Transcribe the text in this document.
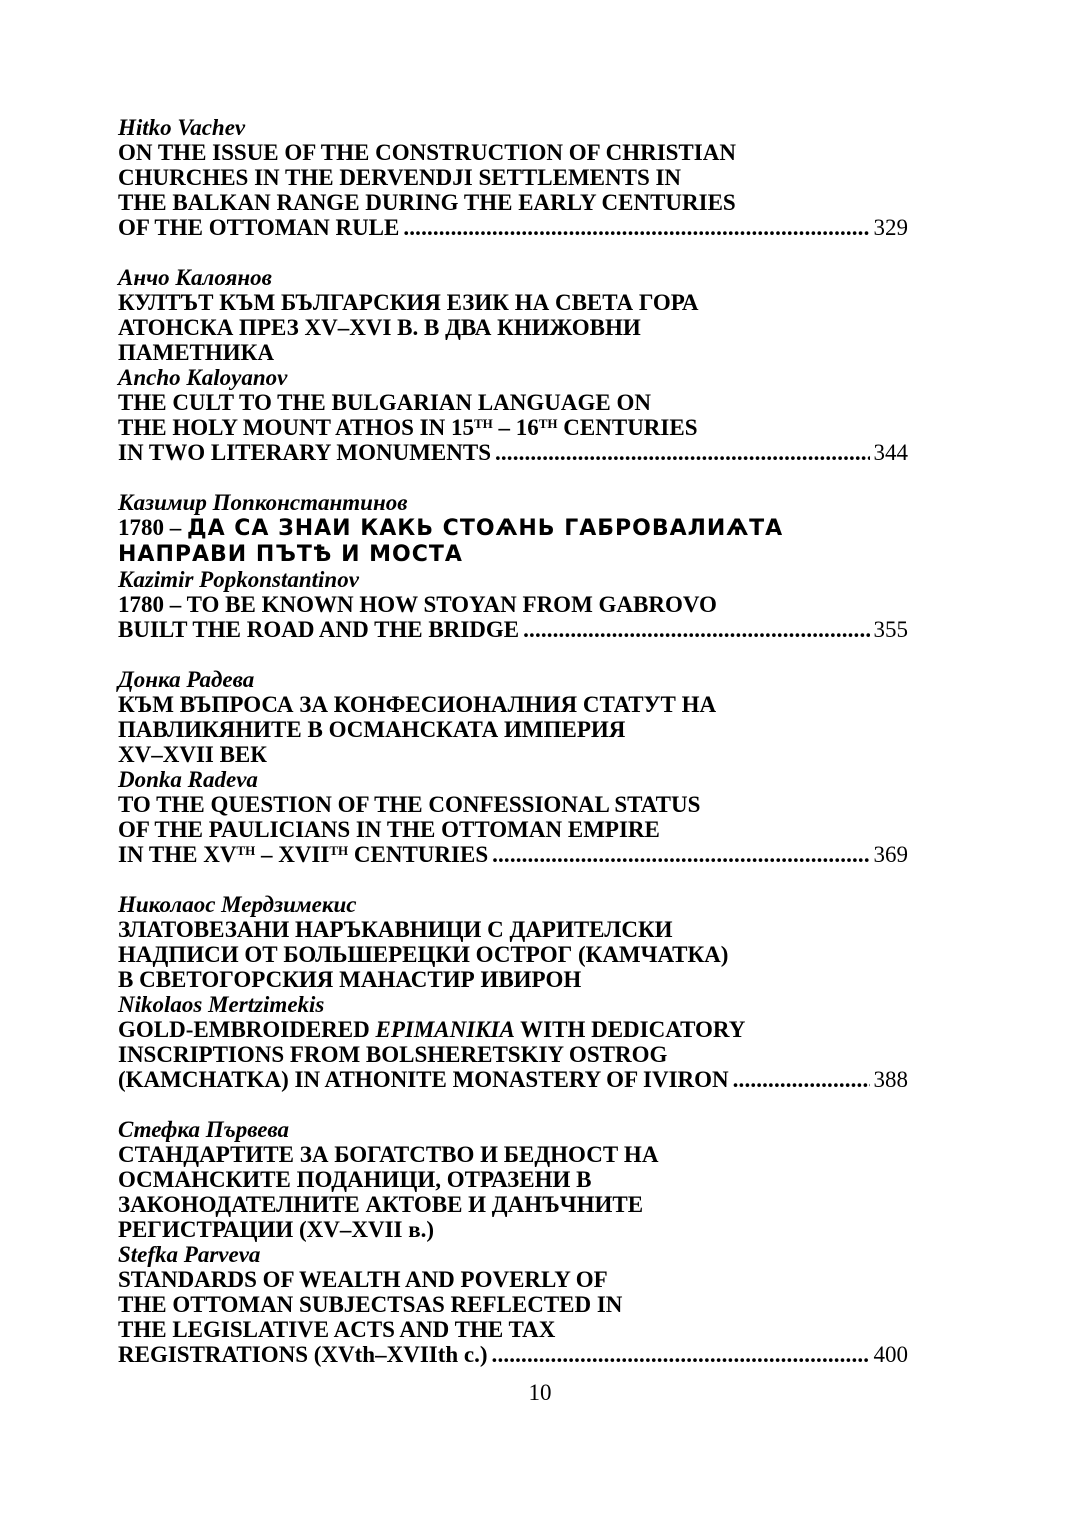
Hitko Vachev
ON THE ISSUE OF THE CONSTRUCTION OF CHRISTIAN
CHURCHES IN THE DERVENDJI SETTLEMENTS IN
THE BALKAN RANGE DURING THE EARLY CENTURIES
OF THE OTTOMAN RULE . . .	329
Анчо Калоянов
КУЛТЪТ КЪМ БЪЛГАРСКИЯ ЕЗИК НА СВЕТА ГОРА
АТОНСКА ПРЕЗ XV–XVI В. В ДВА КНИЖОВНИ
ПАМЕТНИКА
Ancho Kaloyanov
THE CULT TO THE BULGARIAN LANGUAGE ON
THE HOLY MOUNT ATHOS IN 15TH – 16TH CENTURIES
IN TWO LITERARY MONUMENTS . . .	344
Казимир Попконстантинов
1780 – ДА СА ЗНАИ КАКЬ СТОѦНЬ ГАБРОВАЛИѦТА
НАПРАВИ ПЪТѢ И МОСТА
Kazimir Popkonstantinov
1780 – TO BE KNOWN HOW STOYAN FROM GABROVO
BUILT THE ROAD AND THE BRIDGE . . .	355
Донка Радева
КЪМ ВЪПРОСА ЗА КОНФЕСИОНАЛНИЯ СТАТУТ НА
ПАВЛИКЯНИТЕ В ОСМАНСКАТА ИМПЕРИЯ
XV–XVII ВЕК
Donka Radeva
TO THE QUESTION OF THE CONFESSIONAL STATUS
OF THE PAULICIANS IN THE OTTOMAN EMPIRE
IN THE XVTH – XVIITH CENTURIES . . .	369
Николаос Мердзимекис
ЗЛАТОВЕЗАНИ НАРЪКАВНИЦИ С ДАРИТЕЛСКИ
НАДПИСИ ОТ БОЛЬШЕРЕЦКИ ОСТРОГ (КАМЧАТКА)
В СВЕТОГОРСКИЯ МАНАСТИР ИВИРОН
Nikolaos Mertzimekis
GOLD-EMBROIDERED EPIMANIKIA WITH DEDICATORY
INSCRIPTIONS FROM BOLSHERETSKIY OSTROG
(KAMCHATKA) IN ATHONITE MONASTERY OF IVIRON . . .	388
Стефка Първева
СТАНДАРТИТЕ ЗА БОГАТСТВО И БЕДНОСТ НА
ОСМАНСКИТЕ ПОДАНИЦИ, ОТРАЗЕНИ В
ЗАКОНОДАТЕЛНИТЕ АКТОВЕ И ДАНЪЧНИТЕ
РЕГИСТРАЦИИ (XV–XVII в.)
Stefka Parveva
STANDARDS OF WEALTH AND POVERLY OF
THE OTTOMAN SUBJECTSAS REFLECTED IN
THE LEGISLATIVE ACTS AND THE TAX
REGISTRATIONS (XVth–XVIIth c.) . . .	400
10
